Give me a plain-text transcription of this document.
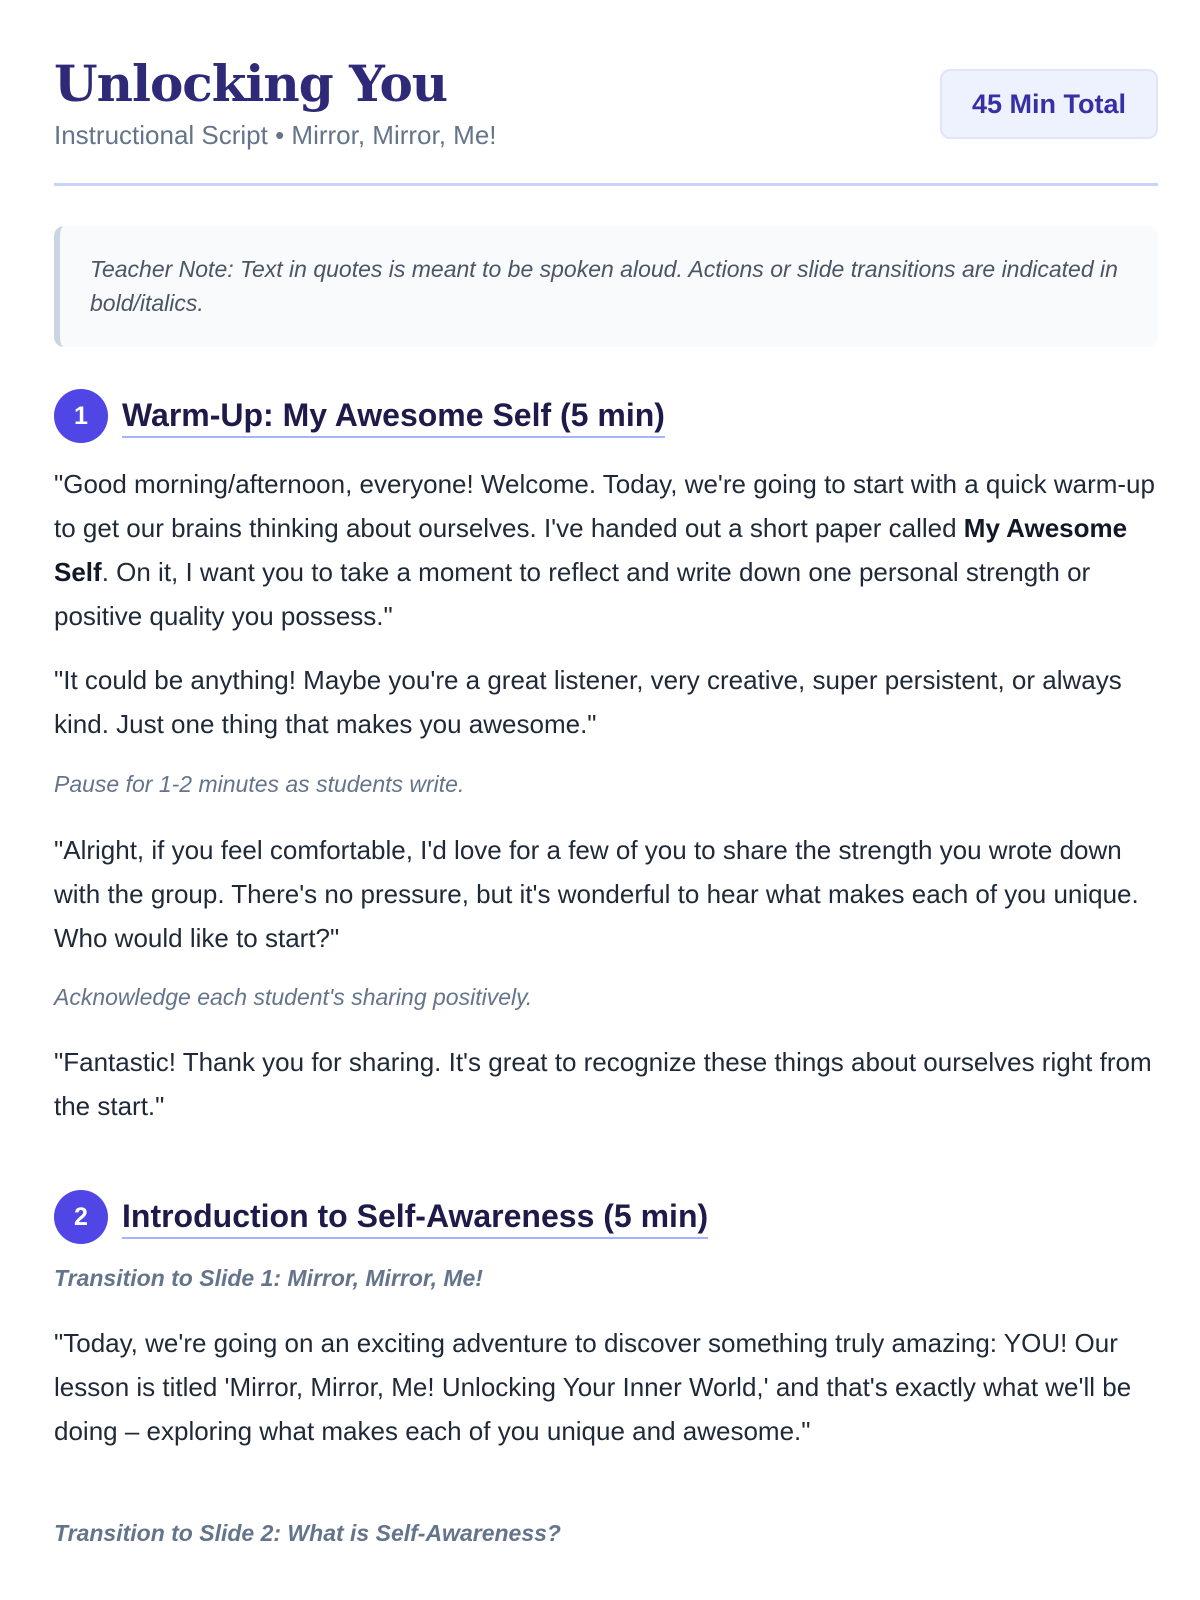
Unlocking You
Instructional Script • Mirror, Mirror, Me!
45 Min Total
Teacher Note: Text in quotes is meant to be spoken aloud. Actions or slide transitions are indicated in bold/italics.
1	Warm-Up: My Awesome Self (5 min)

"Good morning/afternoon, everyone! Welcome. Today, we're going to start with a quick warm-up to get our brains thinking about ourselves. I've handed out a short paper called My Awesome Self. On it, I want you to take a moment to reflect and write down one personal strength or positive quality you possess."

"It could be anything! Maybe you're a great listener, very creative, super persistent, or always kind. Just one thing that makes you awesome."

Pause for 1-2 minutes as students write.

"Alright, if you feel comfortable, I'd love for a few of you to share the strength you wrote down with the group. There's no pressure, but it's wonderful to hear what makes each of you unique. Who would like to start?"

Acknowledge each student's sharing positively.

"Fantastic! Thank you for sharing. It's great to recognize these things about ourselves right from the start."

2	Introduction to Self-Awareness (5 min)

Transition to Slide 1: Mirror, Mirror, Me!

"Today, we're going on an exciting adventure to discover something truly amazing: YOU! Our lesson is titled 'Mirror, Mirror, Me! Unlocking Your Inner World,' and that's exactly what we'll be doing – exploring what makes each of you unique and awesome."

Transition to Slide 2: What is Self-Awareness?
